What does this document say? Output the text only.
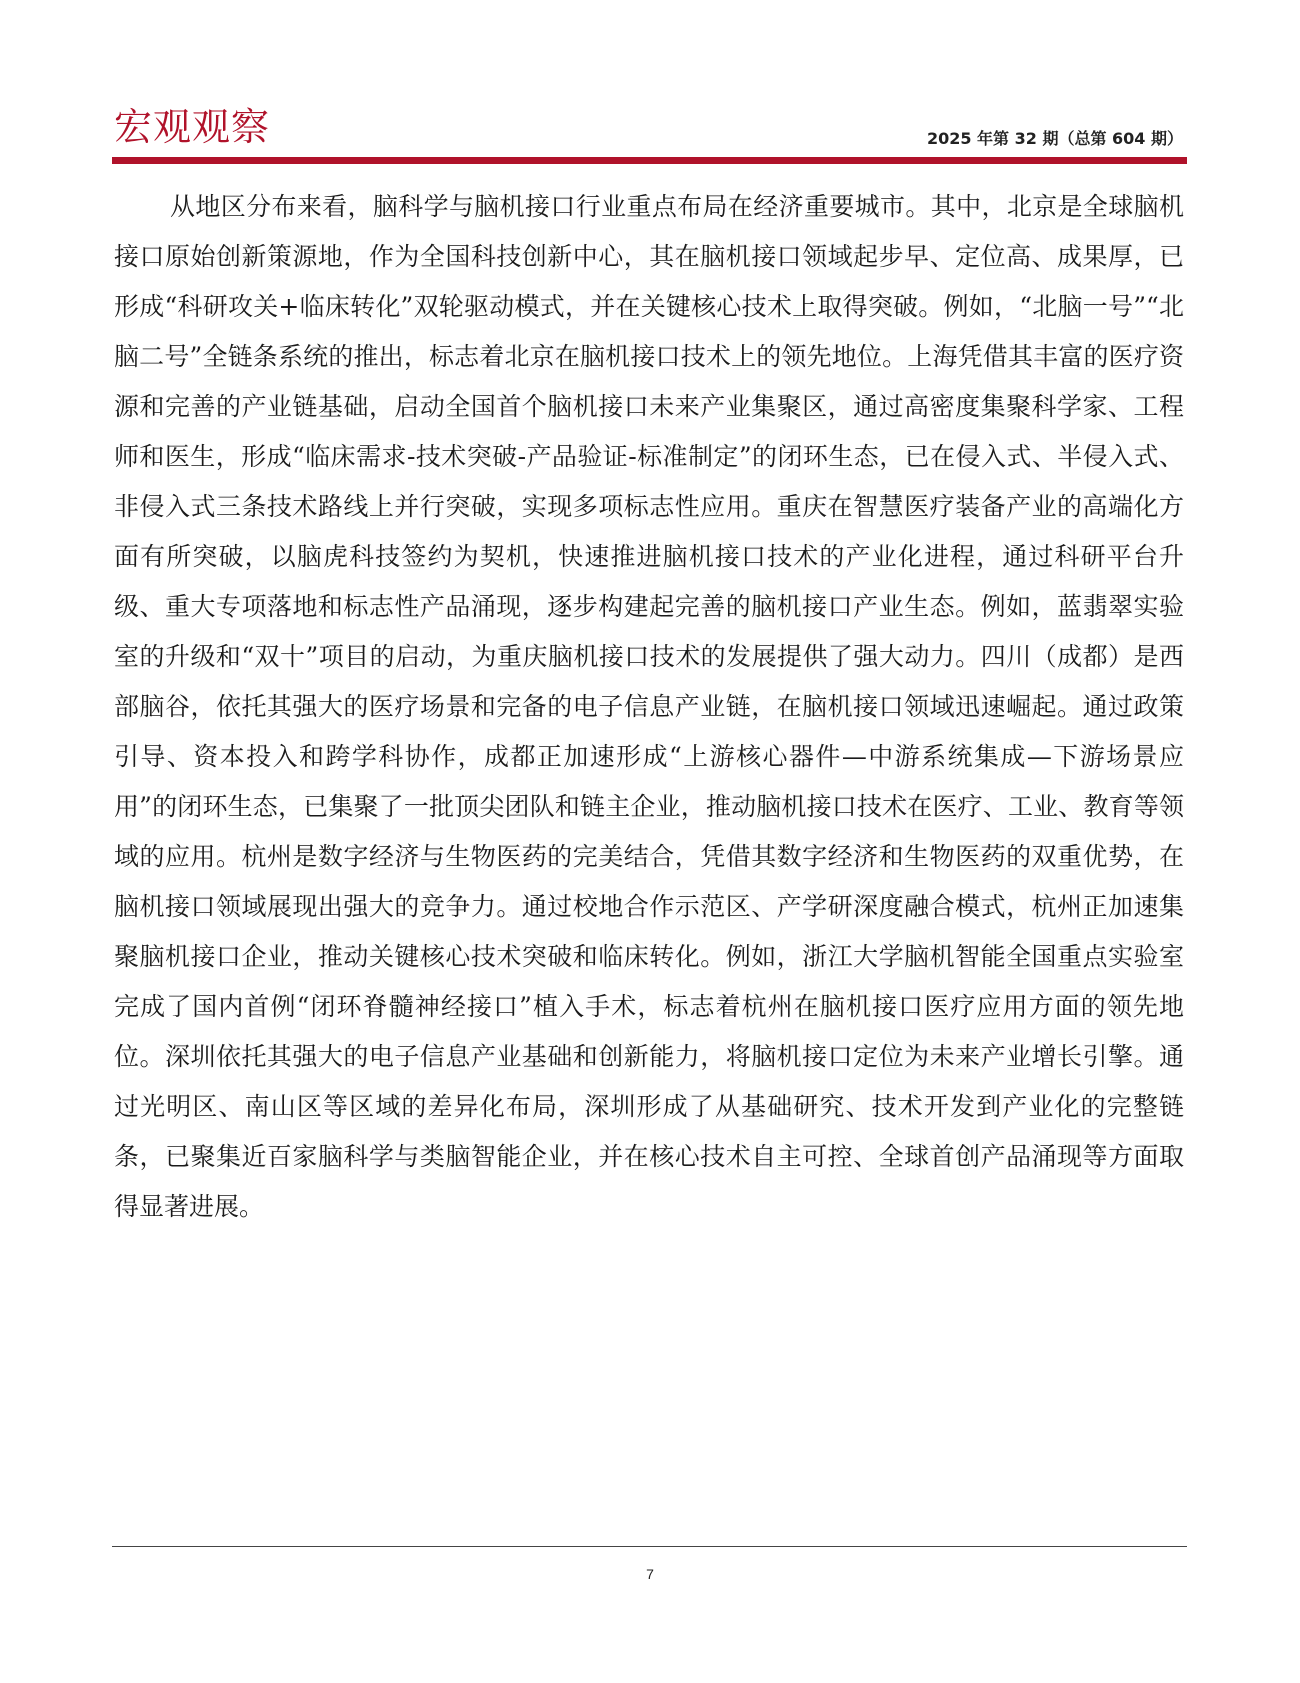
宏观观察	2025 年第 32 期（总第 604 期）

从地区分布来看，脑科学与脑机接口行业重点布局在经济重要城市。其中，北京是全球脑机接口原始创新策源地，作为全国科技创新中心，其在脑机接口领域起步早、定位高、成果厚，已形成“科研攻关+临床转化”双轮驱动模式，并在关键核心技术上取得突破。例如，“北脑一号”“北脑二号”全链条系统的推出，标志着北京在脑机接口技术上的领先地位。上海凭借其丰富的医疗资源和完善的产业链基础，启动全国首个脑机接口未来产业集聚区，通过高密度集聚科学家、工程师和医生，形成“临床需求-技术突破-产品验证-标准制定”的闭环生态，已在侵入式、半侵入式、非侵入式三条技术路线上并行突破，实现多项标志性应用。重庆在智慧医疗装备产业的高端化方面有所突破，以脑虎科技签约为契机，快速推进脑机接口技术的产业化进程，通过科研平台升级、重大专项落地和标志性产品涌现，逐步构建起完善的脑机接口产业生态。例如，蓝翡翠实验室的升级和“双十”项目的启动，为重庆脑机接口技术的发展提供了强大动力。四川（成都）是西部脑谷，依托其强大的医疗场景和完备的电子信息产业链，在脑机接口领域迅速崛起。通过政策引导、资本投入和跨学科协作，成都正加速形成“上游核心器件—中游系统集成—下游场景应用”的闭环生态，已集聚了一批顶尖团队和链主企业，推动脑机接口技术在医疗、工业、教育等领域的应用。杭州是数字经济与生物医药的完美结合，凭借其数字经济和生物医药的双重优势，在脑机接口领域展现出强大的竞争力。通过校地合作示范区、产学研深度融合模式，杭州正加速集聚脑机接口企业，推动关键核心技术突破和临床转化。例如，浙江大学脑机智能全国重点实验室完成了国内首例“闭环脊髓神经接口”植入手术，标志着杭州在脑机接口医疗应用方面的领先地位。深圳依托其强大的电子信息产业基础和创新能力，将脑机接口定位为未来产业增长引擎。通过光明区、南山区等区域的差异化布局，深圳形成了从基础研究、技术开发到产业化的完整链条，已聚集近百家脑科学与类脑智能企业，并在核心技术自主可控、全球首创产品涌现等方面取得显著进展。

7
